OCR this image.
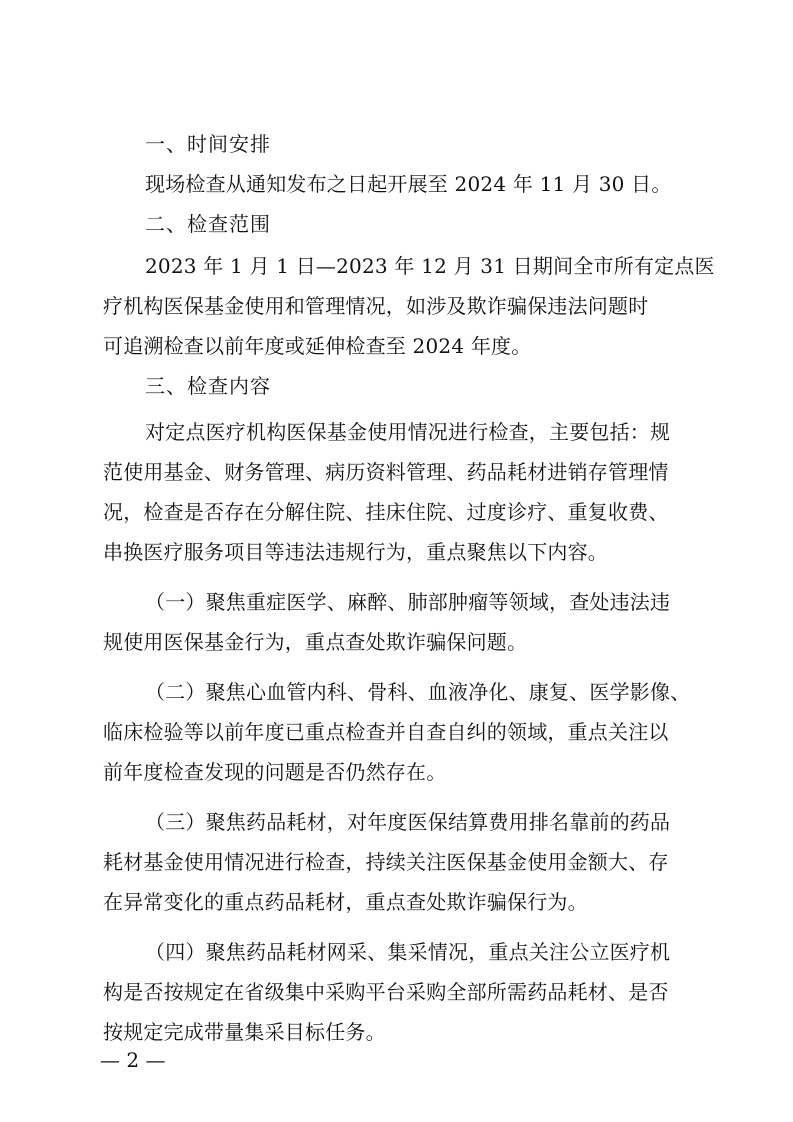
一、时间安排
现场检查从通知发布之日起开展至 2024 年 11 月 30 日。
二、检查范围
2023 年 1 月 1 日—2023 年 12 月 31 日期间全市所有定点医
疗机构医保基金使用和管理情况，如涉及欺诈骗保违法问题时
可追溯检查以前年度或延伸检查至 2024 年度。
三、检查内容
对定点医疗机构医保基金使用情况进行检查，主要包括：规
范使用基金、财务管理、病历资料管理、药品耗材进销存管理情
况，检查是否存在分解住院、挂床住院、过度诊疗、重复收费、
串换医疗服务项目等违法违规行为，重点聚焦以下内容。
（一）聚焦重症医学、麻醉、肺部肿瘤等领域，查处违法违
规使用医保基金行为，重点查处欺诈骗保问题。
（二）聚焦心血管内科、骨科、血液净化、康复、医学影像、
临床检验等以前年度已重点检查并自查自纠的领域，重点关注以
前年度检查发现的问题是否仍然存在。
（三）聚焦药品耗材，对年度医保结算费用排名靠前的药品
耗材基金使用情况进行检查，持续关注医保基金使用金额大、存
在异常变化的重点药品耗材，重点查处欺诈骗保行为。
（四）聚焦药品耗材网采、集采情况，重点关注公立医疗机
构是否按规定在省级集中采购平台采购全部所需药品耗材、是否
按规定完成带量集采目标任务。
— 2 —
